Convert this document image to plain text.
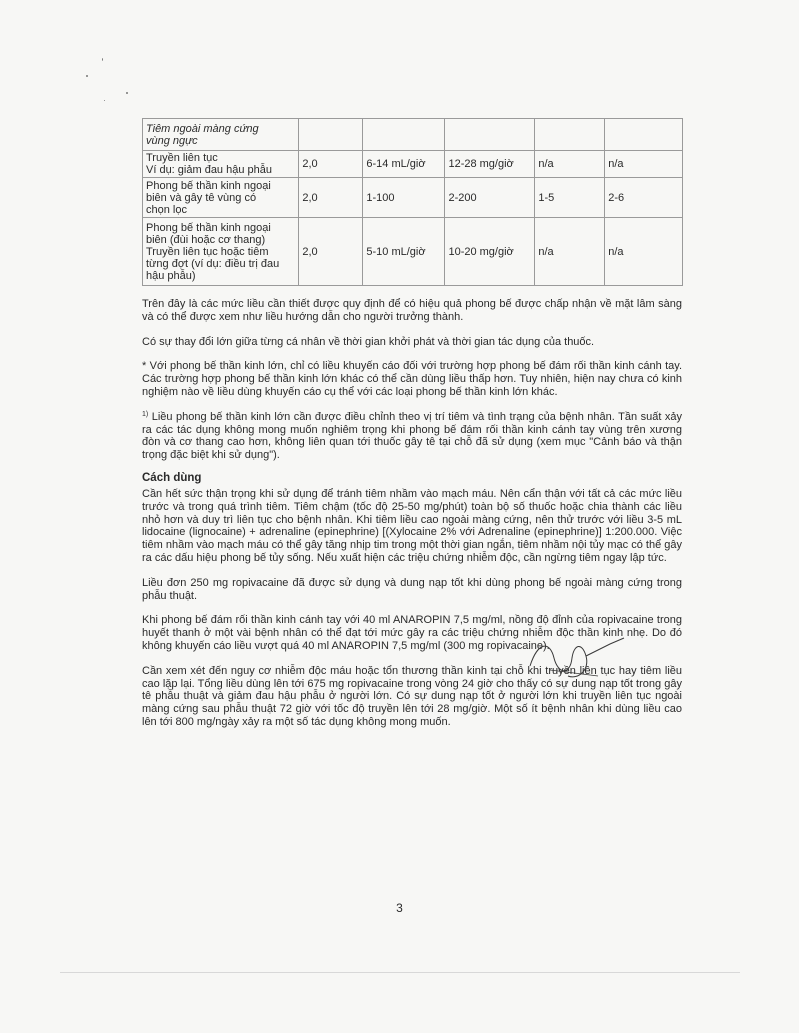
Tiêm ngoài màng cứng
vùng ngực					

Truyền liên tục
Ví dụ: giảm đau hậu phẫu	2,0	6-14 mL/giờ	12-28 mg/giờ	n/a	n/a

Phong bế thần kinh ngoại
biên và gây tê vùng có
chọn lọc	2,0	1-100	2-200	1-5	2-6

Phong bế thần kinh ngoại
biên (đùi hoặc cơ thang)
Truyền liên tục hoặc tiêm
từng đợt (ví dụ: điều trị đau
hậu phẫu)	2,0	5-10 mL/giờ	10-20 mg/giờ	n/a	n/a

Trên đây là các mức liều cần thiết được quy định để có hiệu quả phong bế được chấp nhận về mặt lâm sàng và có thể được xem như liều hướng dẫn cho người trưởng thành.

Có sự thay đổi lớn giữa từng cá nhân về thời gian khởi phát và thời gian tác dụng của thuốc.

* Với phong bế thần kinh lớn, chỉ có liều khuyến cáo đối với trường hợp phong bế đám rối thần kinh cánh tay. Các trường hợp phong bế thần kinh lớn khác có thể cần dùng liều thấp hơn. Tuy nhiên, hiện nay chưa có kinh nghiệm nào về liều dùng khuyến cáo cụ thể với các loại phong bế thần kinh lớn khác.

$^{1)}$ Liều phong bế thần kinh lớn cần được điều chỉnh theo vị trí tiêm và tình trạng của bệnh nhân. Tần suất xảy ra các tác dụng không mong muốn nghiêm trọng khi phong bế đám rối thần kinh cánh tay vùng trên xương đòn và cơ thang cao hơn, không liên quan tới thuốc gây tê tại chỗ đã sử dụng (xem mục "Cảnh báo và thận trọng đặc biệt khi sử dụng").

Cách dùng

Cần hết sức thận trọng khi sử dụng để tránh tiêm nhầm vào mạch máu. Nên cẩn thận với tất cả các mức liều trước và trong quá trình tiêm. Tiêm chậm (tốc độ 25-50 mg/phút) toàn bộ số thuốc hoặc chia thành các liều nhỏ hơn và duy trì liên tục cho bệnh nhân. Khi tiêm liều cao ngoài màng cứng, nên thử trước với liều 3-5 mL lidocaine (lignocaine) + adrenaline (epinephrine) [(Xylocaine 2% với Adrenaline (epinephrine)] 1:200.000. Việc tiêm nhầm vào mạch máu có thể gây tăng nhịp tim trong một thời gian ngắn, tiêm nhầm nội tủy mạc có thể gây ra các dấu hiệu phong bế tủy sống. Nếu xuất hiện các triệu chứng nhiễm độc, cần ngừng tiêm ngay lập tức.

Liều đơn 250 mg ropivacaine đã được sử dụng và dung nạp tốt khi dùng phong bế ngoài màng cứng trong phẫu thuật.

Khi phong bế đám rối thần kinh cánh tay với 40 ml ANAROPIN 7,5 mg/ml, nồng độ đỉnh của ropivacaine trong huyết thanh ở một vài bệnh nhân có thể đạt tới mức gây ra các triệu chứng nhiễm độc thần kinh nhẹ. Do đó không khuyến cáo liều vượt quá 40 ml ANAROPIN 7,5 mg/ml (300 mg ropivacaine).

Cần xem xét đến nguy cơ nhiễm độc máu hoặc tổn thương thần kinh tại chỗ khi truyền liên tục hay tiêm liều cao lặp lại. Tổng liều dùng lên tới 675 mg ropivacaine trong vòng 24 giờ cho thấy có sự dung nạp tốt trong gây tê phẫu thuật và giảm đau hậu phẫu ở người lớn. Có sự dung nạp tốt ở người lớn khi truyền liên tục ngoài màng cứng sau phẫu thuật 72 giờ với tốc độ truyền lên tới 28 mg/giờ. Một số ít bệnh nhân khi dùng liều cao lên tới 800 mg/ngày xảy ra một số tác dụng không mong muốn.

3
